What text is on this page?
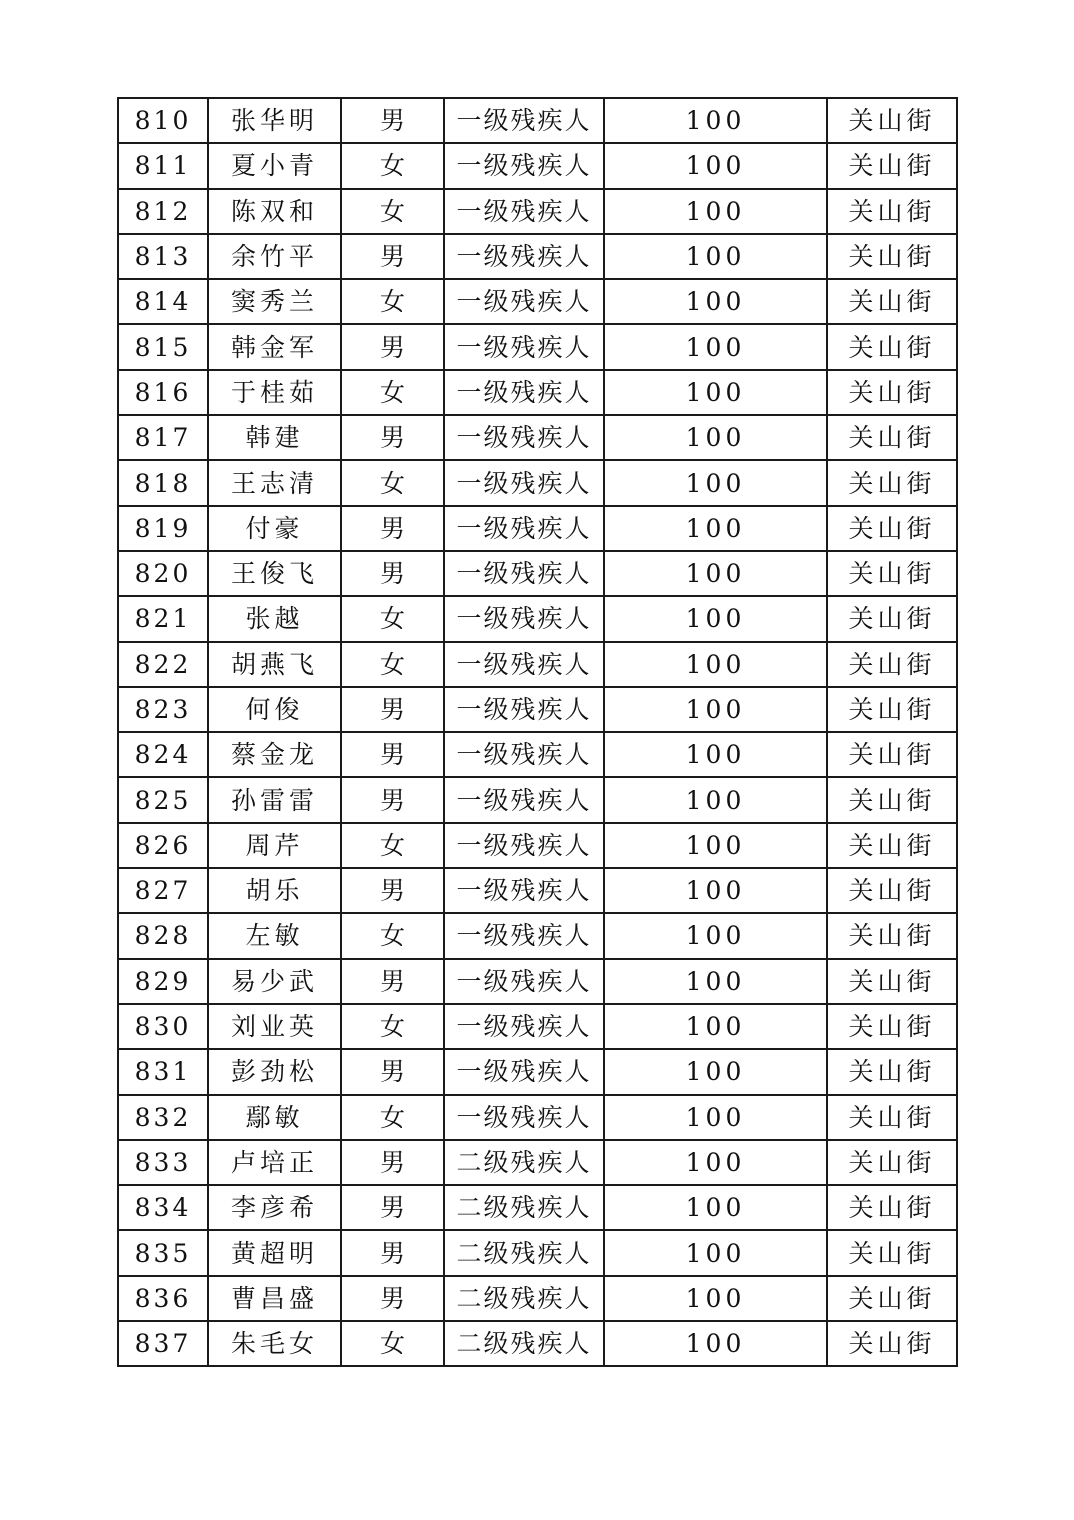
810	张华明	男	一级残疾人	100	关山街
811	夏小青	女	一级残疾人	100	关山街
812	陈双和	女	一级残疾人	100	关山街
813	余竹平	男	一级残疾人	100	关山街
814	窦秀兰	女	一级残疾人	100	关山街
815	韩金军	男	一级残疾人	100	关山街
816	于桂茹	女	一级残疾人	100	关山街
817	韩建	男	一级残疾人	100	关山街
818	王志清	女	一级残疾人	100	关山街
819	付豪	男	一级残疾人	100	关山街
820	王俊飞	男	一级残疾人	100	关山街
821	张越	女	一级残疾人	100	关山街
822	胡燕飞	女	一级残疾人	100	关山街
823	何俊	男	一级残疾人	100	关山街
824	蔡金龙	男	一级残疾人	100	关山街
825	孙雷雷	男	一级残疾人	100	关山街
826	周芹	女	一级残疾人	100	关山街
827	胡乐	男	一级残疾人	100	关山街
828	左敏	女	一级残疾人	100	关山街
829	易少武	男	一级残疾人	100	关山街
830	刘业英	女	一级残疾人	100	关山街
831	彭劲松	男	一级残疾人	100	关山街
832	鄢敏	女	一级残疾人	100	关山街
833	卢培正	男	二级残疾人	100	关山街
834	李彦希	男	二级残疾人	100	关山街
835	黄超明	男	二级残疾人	100	关山街
836	曹昌盛	男	二级残疾人	100	关山街
837	朱毛女	女	二级残疾人	100	关山街
